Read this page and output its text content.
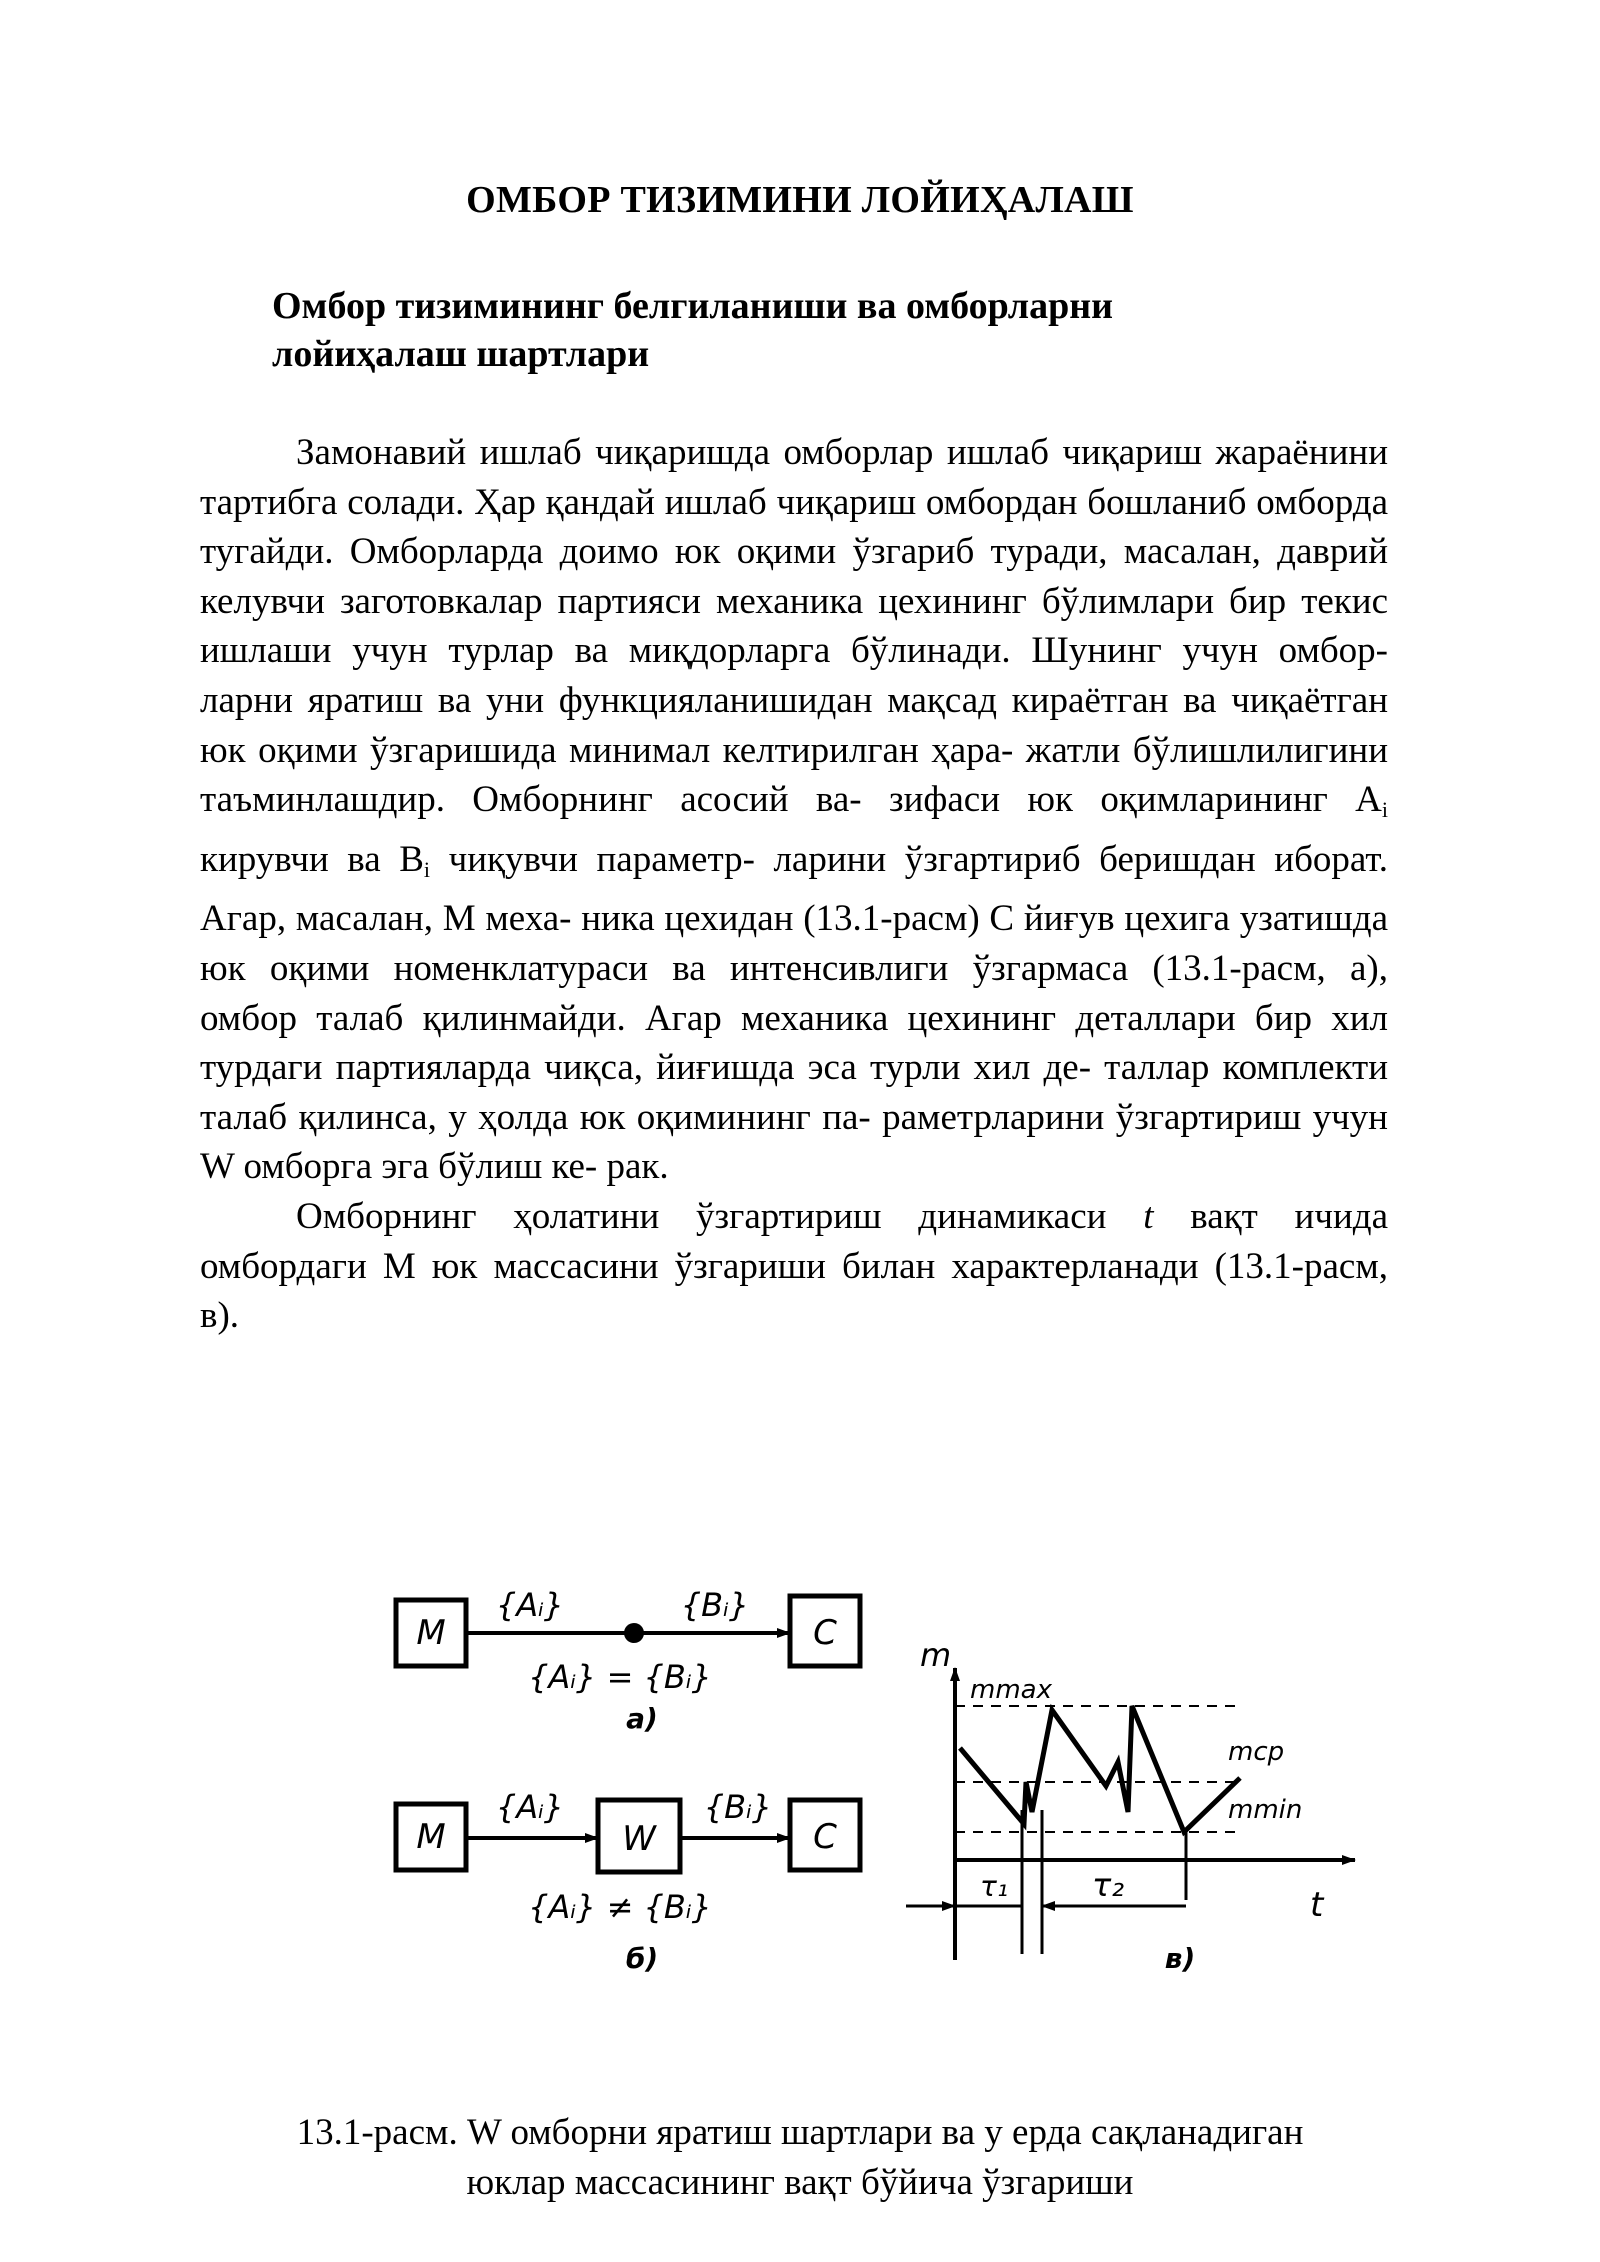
ОМБОР ТИЗИМИНИ ЛОЙИҲАЛАШ
Омбор тизимининг белгиланиши ва омборларни
лойиҳалаш шартлари

Замонавий ишлаб чиқаришда омборлар ишлаб чиқариш жараёнини тартибга солади. Ҳар қандай ишлаб чиқариш омбордан бошланиб омборда тугайди. Омборларда доимо юк оқими ўзгариб туради, масалан, даврий келувчи заготовкалар партияси механика цехининг бўлимлари бир текис ишлаши учун турлар ва миқдорларга бўлинади. Шунинг учун омбор- ларни яратиш ва уни функцияланишидан мақсад кираётган ва чиқаётган юк оқими ўзгаришида минимал келтирилган ҳара- жатли бўлишлилигини таъминлашдир. Омборнинг асосий ва- зифаси юк оқимларининг $А_i$ кирувчи ва $В_i$ чиқувчи параметр- ларини ўзгартириб беришдан иборат. Агар, масалан, М меха- ника цехидан (13.1-расм) С йиғув цехига узатишда юк оқими номенклатураси ва интенсивлиги ўзгармаса (13.1-расм, а), омбор талаб қилинмайди. Агар механика цехининг деталлари бир хил турдаги партияларда чиқса, йиғишда эса турли хил де- таллар комплекти талаб қилинса, у ҳолда юк оқимининг па- раметрларини ўзгартириш учун W омборга эга бўлиш ке- рак.

Омборнинг ҳолатини ўзгартириш динамикаси t вақт ичида омбордаги М юк массасини ўзгариши билан характерланади (13.1-расм, в).

M	C
{Aᵢ}	{Bᵢ}
{Aᵢ} = {Bᵢ}
a)
M	W	C
{Aᵢ}	{Bᵢ}
{Aᵢ} ≠ {Bᵢ}
б)
m
t
τ₁	τ₂
mmax
mср
mmin
в)
13.1-расм. W омборни яратиш шартлари ва у ерда сақланадиган
юклар массасининг вақт бўйича ўзгариши
